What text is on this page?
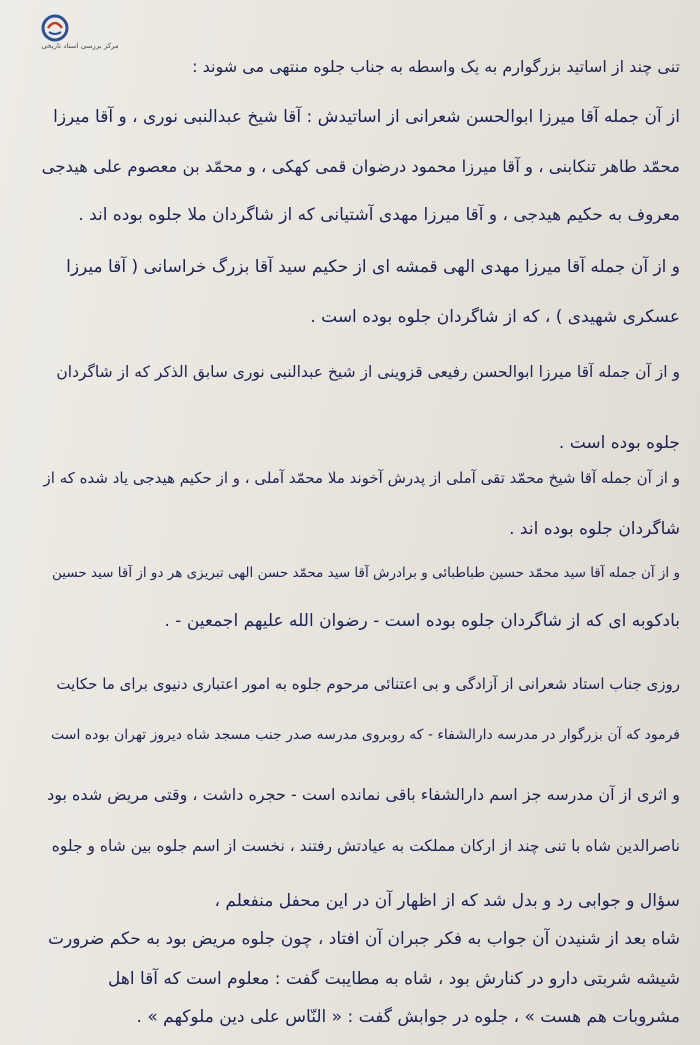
مرکز بررسی اسناد تاریخی
تنی چند از اساتید بزرگوارم به یک واسطه به جناب جلوه منتهی می شوند :
از آن جمله آقا میرزا ابوالحسن شعرانی از اساتیدش : آقا شیخ عبدالنبی نوری ، و آقا میرزا
محمّد طاهر تنکابنی ، و آقا میرزا محمود درضوان قمی کهکی ، و محمّد بن معصوم علی هیدجی
معروف به حکیم هیدجی ، و آقا میرزا مهدی آشتیانی که از شاگردان ملا جلوه بوده اند .
و از آن جمله آقا میرزا مهدی الهی قمشه ای از حکیم سید آقا بزرگ خراسانی ( آقا میرزا
عسکری شهیدی ) ، که از شاگردان جلوه بوده است .
و از آن جمله آقا میرزا ابوالحسن رفیعی قزوینی از شیخ عبدالنبی نوری سابق الذکر که از شاگردان
جلوه بوده است .
و از آن جمله آقا شیخ محمّد تقی آملی از پدرش آخوند ملا محمّد آملی ، و از حکیم هیدجی یاد شده که از
شاگردان جلوه بوده اند .
و از آن جمله آقا سید محمّد حسین طباطبائی و برادرش آقا سید محمّد حسن الهی تبریزی هر دو از آقا سید حسین
بادکوبه ای که از شاگردان جلوه بوده است - رضوان الله علیهم اجمعین - .
روزی جناب استاد شعرانی از آزادگی و بی اعتنائی مرحوم جلوه به امور اعتباری دنیوی برای ما حکایت
فرمود که آن بزرگوار در مدرسه دارالشفاء - که روبروی مدرسه صدر جنب مسجد شاه دیروز تهران بوده است
و اثری از آن مدرسه جز اسم دارالشفاء باقی نمانده است - حجره داشت ، وقتی مریض شده بود
ناصرالدین شاه با تنی چند از ارکان مملکت به عیادتش رفتند ، نخست از اسم جلوه بین شاه و جلوه
سؤال و جوابی رد و بدل شد که از اظهار آن در این محفل منفعلم ،
شاه بعد از شنیدن آن جواب به فکر جبران آن افتاد ، چون جلوه مریض بود به حکم ضرورت
شیشه شربتی دارو در کنارش بود ، شاه به مطایبت گفت : معلوم است که آقا اهل
مشروبات هم هست » ، جلوه در جوابش گفت : « النّاس علی دین ملوکهم » .
